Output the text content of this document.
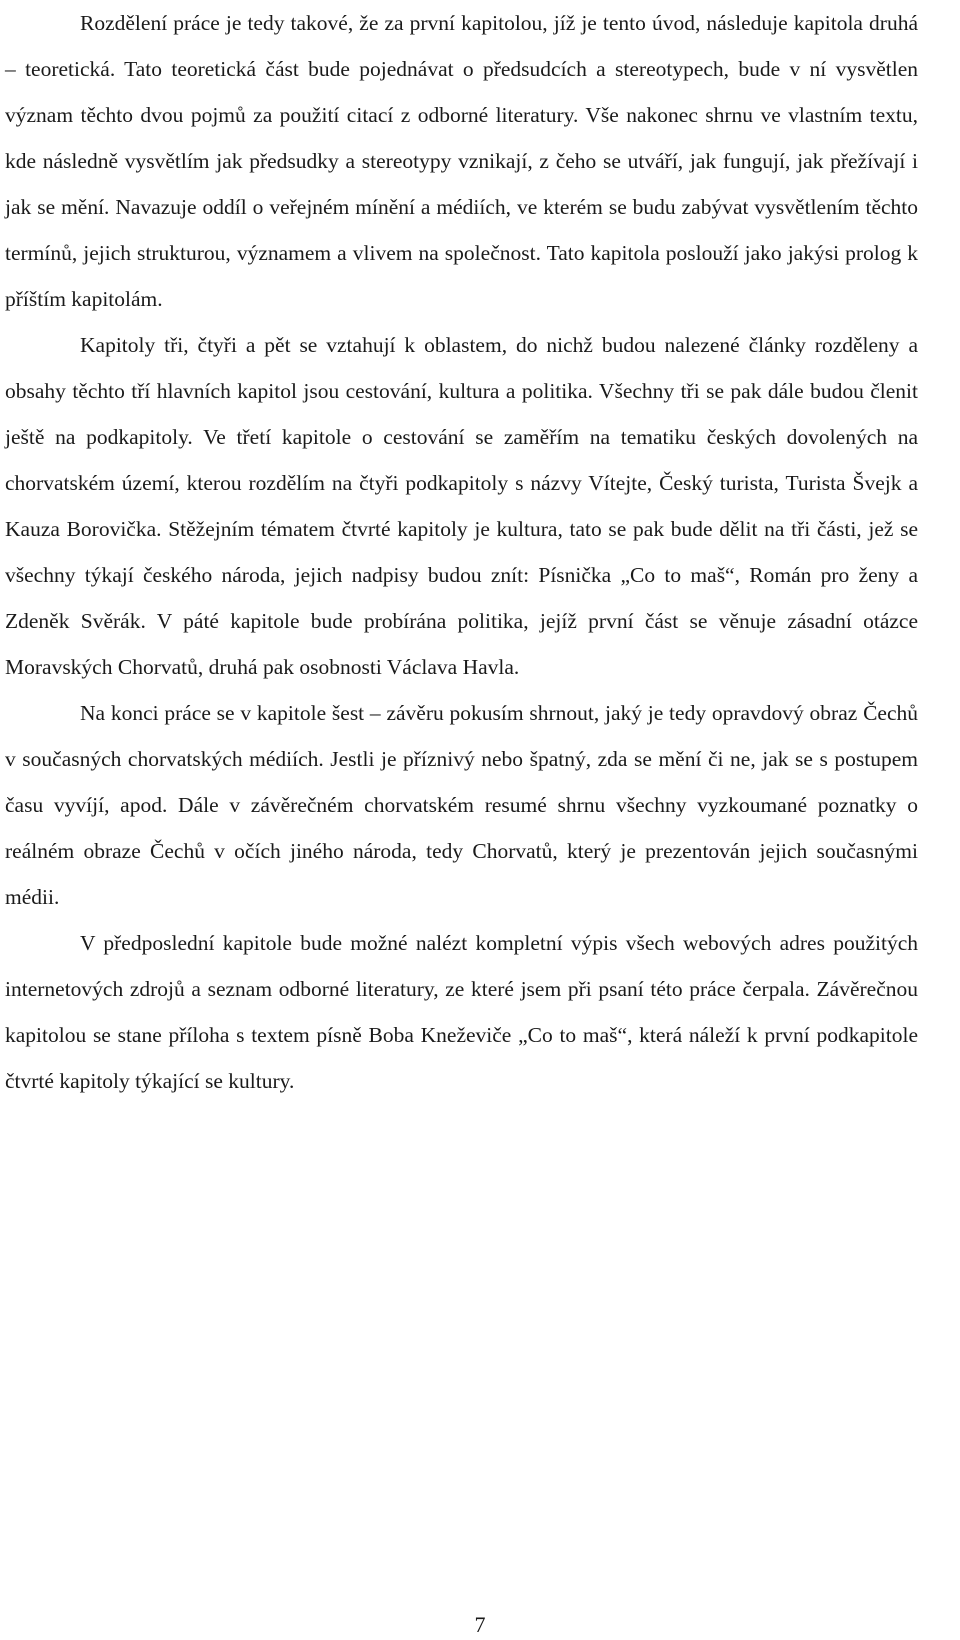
Rozdělení práce je tedy takové, že za první kapitolou, jíž je tento úvod, následuje kapitola druhá – teoretická. Tato teoretická část bude pojednávat o předsudcích a stereotypech, bude v ní vysvětlen význam těchto dvou pojmů za použití citací z odborné literatury. Vše nakonec shrnu ve vlastním textu, kde následně vysvětlím jak předsudky a stereotypy vznikají, z čeho se utváří, jak fungují, jak přežívají i jak se mění. Navazuje oddíl o veřejném mínění a médiích, ve kterém se budu zabývat vysvětlením těchto termínů, jejich strukturou, významem a vlivem na společnost. Tato kapitola poslouží jako jakýsi prolog k příštím kapitolám.

Kapitoly tři, čtyři a pět se vztahují k oblastem, do nichž budou nalezené články rozděleny a obsahy těchto tří hlavních kapitol jsou cestování, kultura a politika. Všechny tři se pak dále budou členit ještě na podkapitoly. Ve třetí kapitole o cestování se zaměřím na tematiku českých dovolených na chorvatském území, kterou rozdělím na čtyři podkapitoly s názvy Vítejte, Český turista, Turista Švejk a Kauza Borovička. Stěžejním tématem čtvrté kapitoly je kultura, tato se pak bude dělit na tři části, jež se všechny týkají českého národa, jejich nadpisy budou znít: Písnička „Co to maš“, Román pro ženy a Zdeněk Svěrák. V páté kapitole bude probírána politika, jejíž první část se věnuje zásadní otázce Moravských Chorvatů, druhá pak osobnosti Václava Havla.

Na konci práce se v kapitole šest – závěru pokusím shrnout, jaký je tedy opravdový obraz Čechů v současných chorvatských médiích. Jestli je příznivý nebo špatný, zda se mění či ne, jak se s postupem času vyvíjí, apod. Dále v závěrečném chorvatském resumé shrnu všechny vyzkoumané poznatky o reálném obraze Čechů v očích jiného národa, tedy Chorvatů, který je prezentován jejich současnými médii.

V předposlední kapitole bude možné nalézt kompletní výpis všech webových adres použitých internetových zdrojů a seznam odborné literatury, ze které jsem při psaní této práce čerpala. Závěrečnou kapitolou se stane příloha s textem písně Boba Kneževiče „Co to maš“, která náleží k první podkapitole čtvrté kapitoly týkající se kultury.

7
